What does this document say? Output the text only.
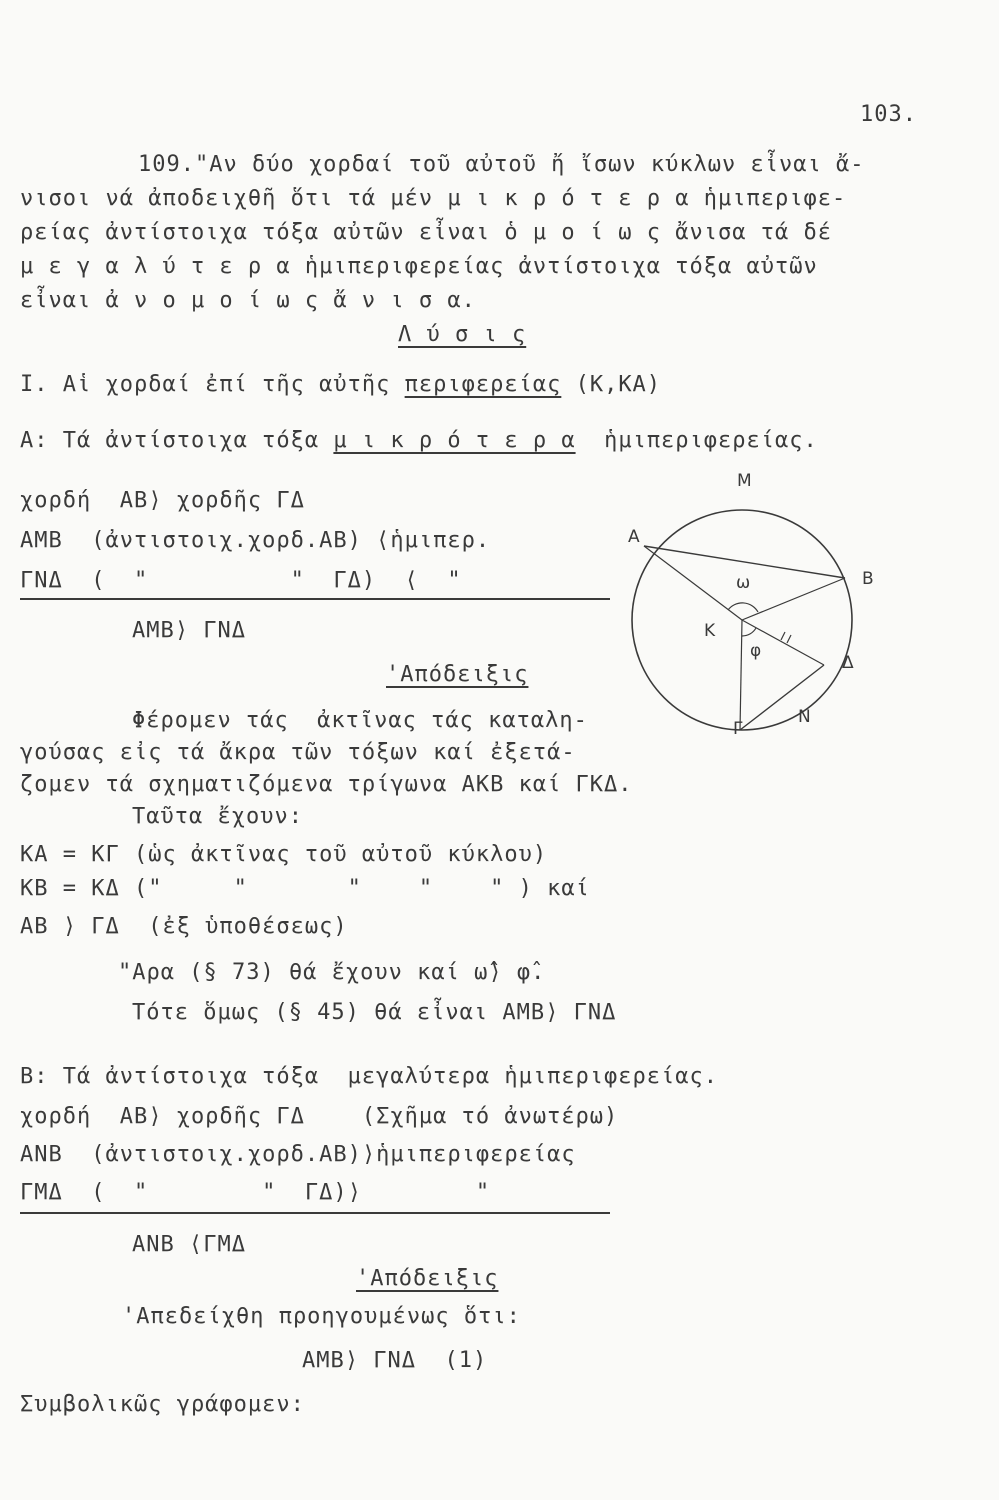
103.
109."Αν δύο χορδαί τοῦ αὐτοῦ ἤ ἴσων κύκλων εἶναι ἄ-
νισοι νά ἀποδειχθῆ ὅτι τά μέν μ ι κ ρ ό τ ε ρ α ἡμιπεριφε-
ρείας ἀντίστοιχα τόξα αὐτῶν εἶναι ὁ μ ο ί ω ς ἄνισα τά δέ
μ ε γ α λ ύ τ ε ρ α ἡμιπεριφερείας ἀντίστοιχα τόξα αὐτῶν
εἶναι ἀ ν ο μ ο ί ω ς ἄ ν ι σ α.
Λ ύ σ ι ς
I. Αἱ χορδαί ἐπί τῆς αὐτῆς περιφερείας (Κ,ΚΑ)
Α: Τά ἀντίστοιχα τόξα μ ι κ ρ ό τ ε ρ α ἡμιπεριφερείας.
χορδή  ΑΒ⟩ χορδῆς ΓΔ
ΑΜΒ  (ἀντιστοιχ.χορδ.ΑΒ) ⟨ἡμιπερ.
ΓΝΔ  (  "          "  ΓΔ)  ⟨  "
ΑΜΒ⟩ ΓΝΔ
Μ
Α
Β
Κ
Δ
Γ
Ν
ω
φ
'Απόδειξις
Φέρομεν τάς  ἀκτῖνας τάς καταλη-
γούσας εἰς τά ἄκρα τῶν τόξων καί ἐξετά-
ζομεν τά σχηματιζόμενα τρίγωνα ΑΚΒ καί ΓΚΔ.
Ταῦτα ἔχουν:
ΚΑ = ΚΓ (ὡς ἀκτῖνας τοῦ αὐτοῦ κύκλου)
ΚΒ = ΚΔ ("     "       "    "    " ) καί
ΑΒ ⟩ ΓΔ  (ἐξ ὑποθέσεως)
"Αρα (§ 73) θά ἔχουν καί ω̂⟩ φ̂.
Τότε ὅμως (§ 45) θά εἶναι ΑΜΒ⟩ ΓΝΔ
Β: Τά ἀντίστοιχα τόξα  μεγαλύτερα ἡμιπεριφερείας.
χορδή  ΑΒ⟩ χορδῆς ΓΔ    (Σχῆμα τό ἀνωτέρω)
ΑΝΒ  (ἀντιστοιχ.χορδ.ΑΒ)⟩ἡμιπεριφερείας
ΓΜΔ  (  "        "  ΓΔ)⟩        "
ΑΝΒ ⟨ΓΜΔ
'Απόδειξις
'Απεδείχθη προηγουμένως ὅτι:
ΑΜΒ⟩ ΓΝΔ  (1)
Συμβολικῶς γράφομεν:
